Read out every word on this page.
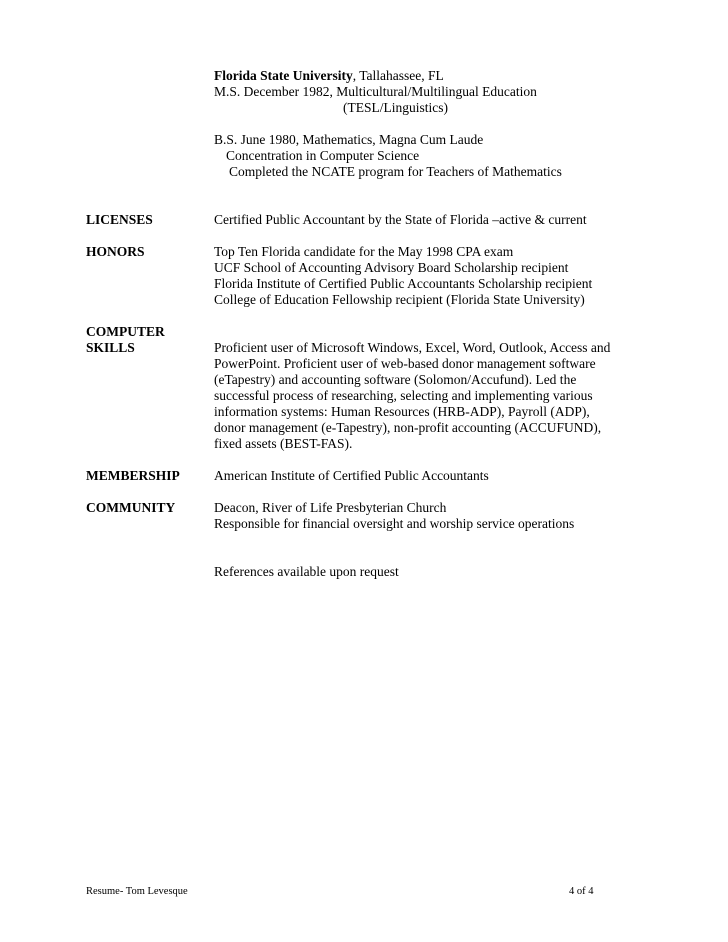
Florida State University, Tallahassee, FL
M.S. December 1982, Multicultural/Multilingual Education
(TESL/Linguistics)
B.S. June 1980, Mathematics, Magna Cum Laude
Concentration in Computer Science
Completed the NCATE program for Teachers of Mathematics
LICENSES	Certified Public Accountant by the State of Florida –active & current
HONORS	Top Ten Florida candidate for the May 1998 CPA exam
UCF School of Accounting Advisory Board Scholarship recipient
Florida Institute of Certified Public Accountants Scholarship recipient
College of Education Fellowship recipient (Florida State University)
COMPUTER
SKILLS	Proficient user of Microsoft Windows, Excel, Word, Outlook, Access and
PowerPoint. Proficient user of web-based donor management software
(eTapestry) and accounting software (Solomon/Accufund). Led the
successful process of researching, selecting and implementing various
information systems: Human Resources (HRB-ADP), Payroll (ADP),
donor management (e-Tapestry), non-profit accounting (ACCUFUND),
fixed assets (BEST-FAS).
MEMBERSHIP	American Institute of Certified Public Accountants
COMMUNITY	Deacon, River of Life Presbyterian Church
Responsible for financial oversight and worship service operations
References available upon request
Resume- Tom Levesque	4 of 4
